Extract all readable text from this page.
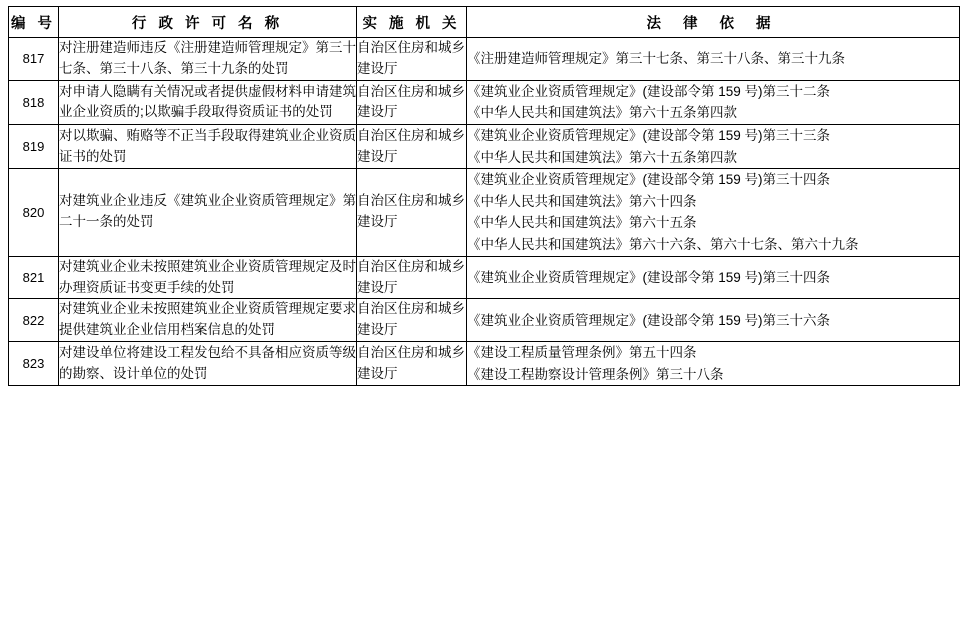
编 号	行 政 许 可 名 称	实 施 机 关	法 律 依 据
817	对注册建造师违反《注册建造师管理规定》第三十七条、第三十八条、第三十九条的处罚	自治区住房和城乡建设厅	《注册建造师管理规定》第三十七条、第三十八条、第三十九条

818	对申请人隐瞒有关情况或者提供虚假材料申请建筑业企业资质的;以欺骗手段取得资质证书的处罚	自治区住房和城乡建设厅	《建筑业企业资质管理规定》(建设部令第 159 号)第三十二条
《中华人民共和国建筑法》第六十五条第四款

819	对以欺骗、贿赂等不正当手段取得建筑业企业资质证书的处罚	自治区住房和城乡建设厅	《建筑业企业资质管理规定》(建设部令第 159 号)第三十三条
《中华人民共和国建筑法》第六十五条第四款

820	对建筑业企业违反《建筑业企业资质管理规定》第二十一条的处罚	自治区住房和城乡建设厅	《建筑业企业资质管理规定》(建设部令第 159 号)第三十四条
《中华人民共和国建筑法》第六十四条
《中华人民共和国建筑法》第六十五条
《中华人民共和国建筑法》第六十六条、第六十七条、第六十九条

821	对建筑业企业未按照建筑业企业资质管理规定及时办理资质证书变更手续的处罚	自治区住房和城乡建设厅	《建筑业企业资质管理规定》(建设部令第 159 号)第三十四条

822	对建筑业企业未按照建筑业企业资质管理规定要求提供建筑业企业信用档案信息的处罚	自治区住房和城乡建设厅	《建筑业企业资质管理规定》(建设部令第 159 号)第三十六条

823	对建设单位将建设工程发包给不具备相应资质等级的勘察、设计单位的处罚	自治区住房和城乡建设厅	《建设工程质量管理条例》第五十四条
《建设工程勘察设计管理条例》第三十八条
